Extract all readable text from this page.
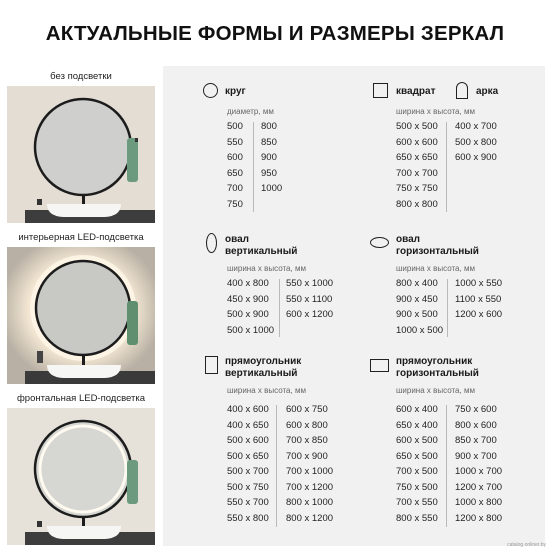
АКТУАЛЬНЫЕ ФОРМЫ И РАЗМЕРЫ ЗЕРКАЛ
без подсветки
интерьерная LED-подсветка
фронтальная LED-подсветка
круг
диаметр, мм
500
550
600
650
700
750
800
850
900
950
1000
квадрат	арка
ширина х высота, мм
500 х 500
600 х 600
650 х 650
700 х 700
750 х 750
800 х 800
400 х 700
500 х 800
600 х 900
овал
вертикальный
ширина х высота, мм
400 х 800
450 х 900
500 х 900
500 х 1000
550 х 1000
550 х 1100
600 х 1200
овал
горизонтальный
ширина х высота, мм
800 х 400
900 х 450
900 х 500
1000 х 500
1000 х 550
1100 х 550
1200 х 600
прямоугольник
вертикальный
ширина х высота, мм
400 х 600
400 х 650
500 х 600
500 х 650
500 х 700
500 х 750
550 х 700
550 х 800
600 х 750
600 х 800
700 х 850
700 х 900
700 х 1000
700 х 1200
800 х 1000
800 х 1200
прямоугольник
горизонтальный
ширина х высота, мм
600 х 400
650 х 400
600 х 500
650 х 500
700 х 500
750 х 500
700 х 550
800 х 550
750 х 600
800 х 600
850 х 700
900 х 700
1000 х 700
1200 х 700
1000 х 800
1200 х 800
catalog.onliner.by
